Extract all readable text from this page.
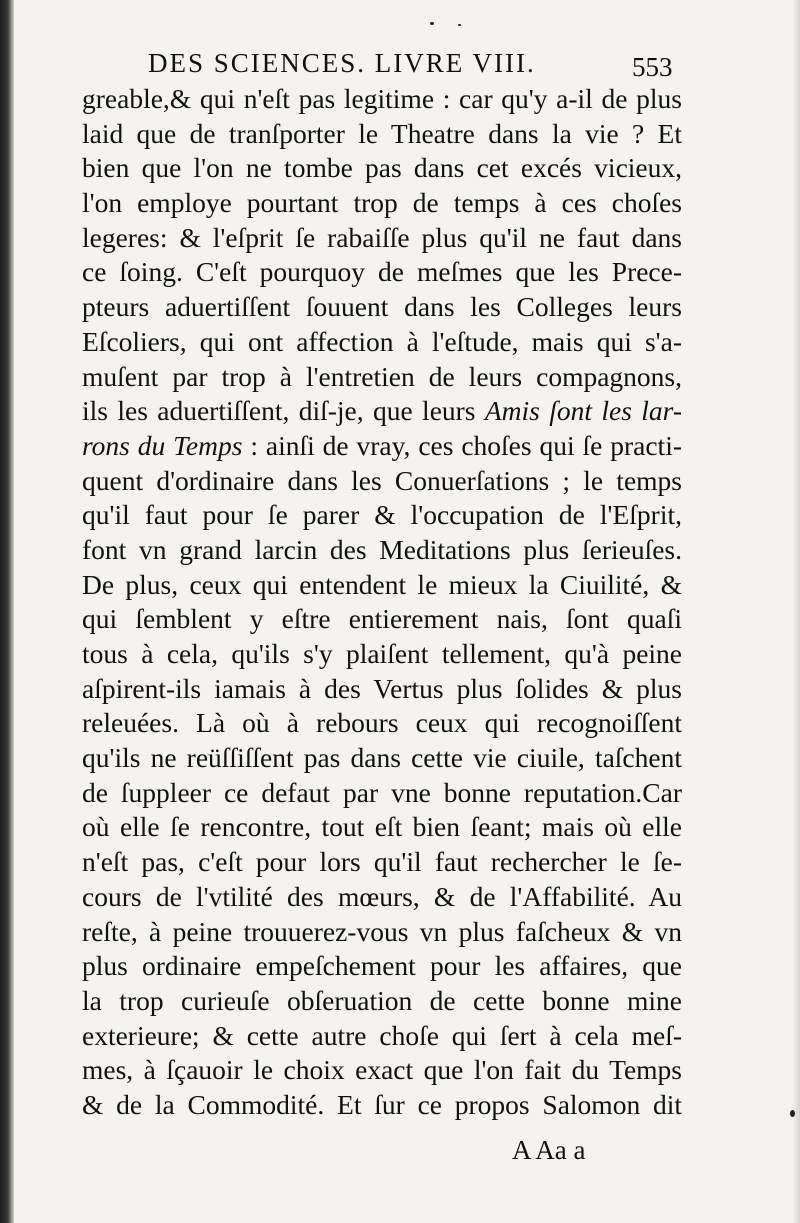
DES SCIENCES. LIVRE VIII.	553
greable,& qui n'eſt pas legitime : car qu'y a-il de plus
laid que de tranſporter le Theatre dans la vie ? Et
bien que l'on ne tombe pas dans cet excés vicieux,
l'on employe pourtant trop de temps à ces choſes
legeres: & l'eſprit ſe rabaiſſe plus qu'il ne faut dans
ce ſoing. C'eſt pourquoy de meſmes que les Prece-
pteurs aduertiſſent ſouuent dans les Colleges leurs
Eſcoliers, qui ont affection à l'eſtude, mais qui s'a-
muſent par trop à l'entretien de leurs compagnons,
ils les aduertiſſent, diſ-je, que leurs Amis ſont les lar-
rons du Temps : ainſi de vray, ces choſes qui ſe practi-
quent d'ordinaire dans les Conuerſations ; le temps
qu'il faut pour ſe parer & l'occupation de l'Eſprit,
font vn grand larcin des Meditations plus ſerieuſes.
De plus, ceux qui entendent le mieux la Ciuilité, &
qui ſemblent y eſtre entierement nais, ſont quaſi
tous à cela, qu'ils s'y plaiſent tellement, qu'à peine
aſpirent-ils iamais à des Vertus plus ſolides & plus
releuées. Là où à rebours ceux qui recognoiſſent
qu'ils ne reüſſiſſent pas dans cette vie ciuile, taſchent
de ſuppleer ce defaut par vne bonne reputation.Car
où elle ſe rencontre, tout eſt bien ſeant; mais où elle
n'eſt pas, c'eſt pour lors qu'il faut rechercher le ſe-
cours de l'vtilité des mœurs, & de l'Affabilité. Au
reſte, à peine trouuerez-vous vn plus faſcheux & vn
plus ordinaire empeſchement pour les affaires, que
la trop curieuſe obſeruation de cette bonne mine
exterieure; & cette autre choſe qui ſert à cela meſ-
mes, à ſçauoir le choix exact que l'on fait du Temps
& de la Commodité. Et ſur ce propos Salomon dit
A Aa a
